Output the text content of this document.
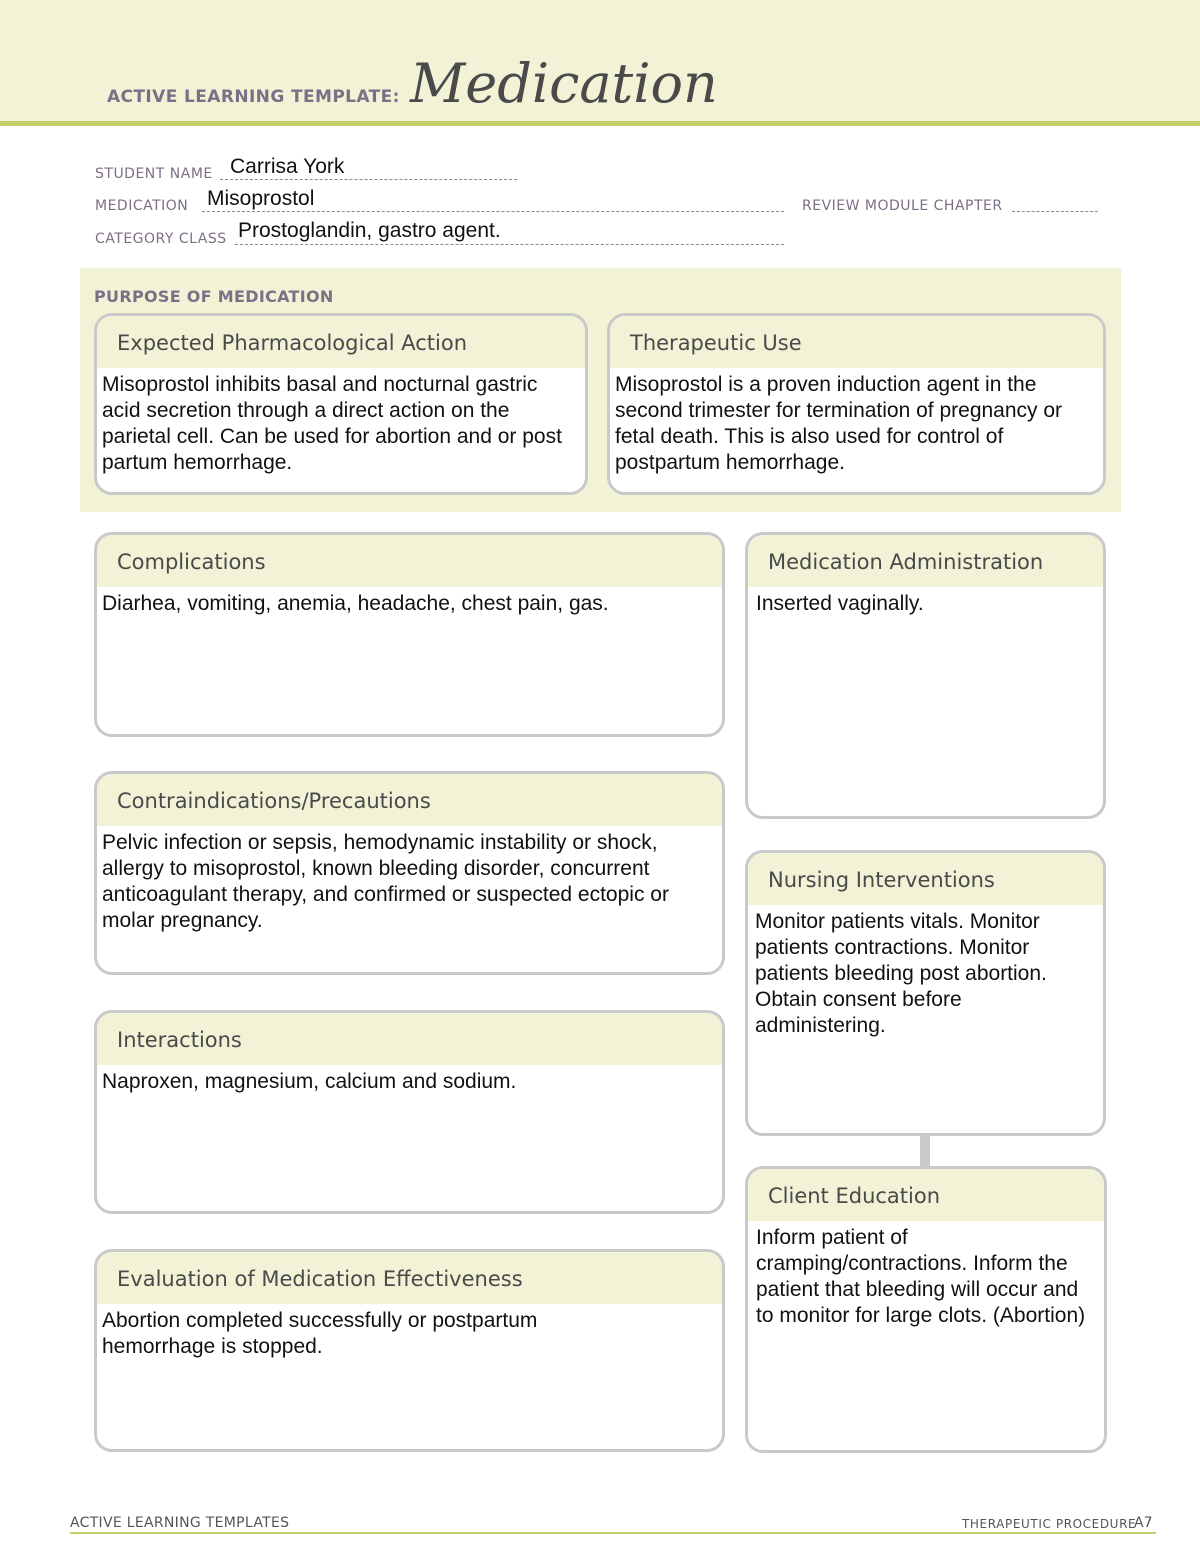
ACTIVE LEARNING TEMPLATE: Medication
STUDENT NAME Carrisa York
MEDICATION Misoprostol	REVIEW MODULE CHAPTER
CATEGORY CLASS Prostoglandin, gastro agent.
PURPOSE OF MEDICATION
Expected Pharmacological Action
Misoprostol inhibits basal and nocturnal gastric acid secretion through a direct action on the parietal cell. Can be used for abortion and or post partum hemorrhage.
Therapeutic Use
Misoprostol is a proven induction agent in the second trimester for termination of pregnancy or fetal death. This is also used for control of postpartum hemorrhage.
Complications
Diarhea, vomiting, anemia, headache, chest pain, gas.
Contraindications/Precautions
Pelvic infection or sepsis, hemodynamic instability or shock, allergy to misoprostol, known bleeding disorder, concurrent anticoagulant therapy, and confirmed or suspected ectopic or molar pregnancy.
Interactions
Naproxen, magnesium, calcium and sodium.
Evaluation of Medication Effectiveness
Abortion completed successfully or postpartum hemorrhage is stopped.
Medication Administration
Inserted vaginally.
Nursing Interventions
Monitor patients vitals. Monitor patients contractions. Monitor patients bleeding post abortion. Obtain consent before administering.
Client Education
Inform patient of cramping/contractions. Inform the patient that bleeding will occur and to monitor for large clots. (Abortion)
ACTIVE LEARNING TEMPLATES	THERAPEUTIC PROCEDURE
A7
